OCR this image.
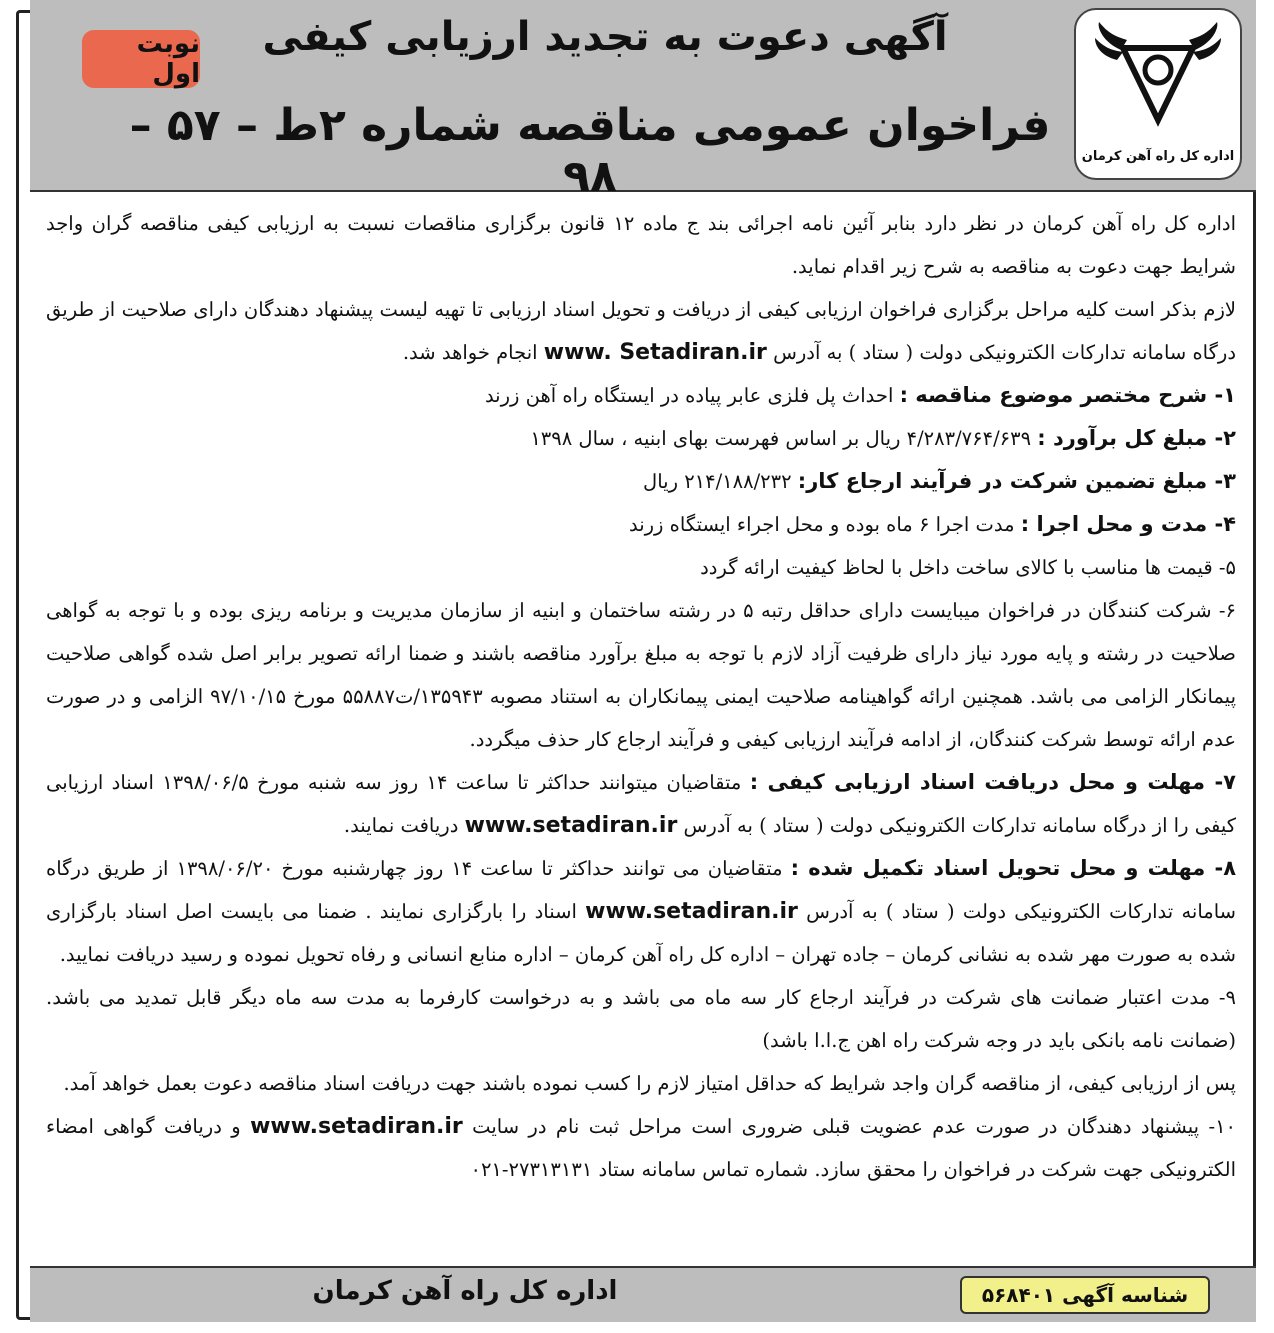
اداره کل راه آهن کرمان
آگهی دعوت به تجدید ارزیابی کیفی
فراخوان عمومی مناقصه شماره ۲ط – ۵۷ – ۹۸
نوبت اول

اداره کل راه آهن کرمان در نظر دارد بنابر آئین نامه اجرائی بند ج ماده ۱۲ قانون برگزاری مناقصات نسبت به ارزیابی کیفی مناقصه گران واجد شرایط جهت دعوت به مناقصه به شرح زیر اقدام نماید.

لازم بذکر است کلیه مراحل برگزاری فراخوان ارزیابی کیفی از دریافت و تحویل اسناد ارزیابی تا تهیه لیست پیشنهاد دهندگان دارای صلاحیت از طریق درگاه سامانه تدارکات الکترونیکی دولت ( ستاد ) به آدرس www. Setadiran.ir انجام خواهد شد.

۱- شرح مختصر موضوع مناقصه : احداث پل فلزی عابر پیاده در ایستگاه راه آهن زرند

۲- مبلغ کل برآورد : ۴/۲۸۳/۷۶۴/۶۳۹ ریال بر اساس فهرست بهای ابنیه ، سال ۱۳۹۸

۳- مبلغ تضمین شرکت در فرآیند ارجاع کار: ۲۱۴/۱۸۸/۲۳۲ ریال

۴- مدت و محل اجرا : مدت اجرا ۶ ماه بوده و محل اجراء ایستگاه زرند

۵- قیمت ها مناسب با کالای ساخت داخل با لحاظ کیفیت ارائه گردد

۶- شرکت کنندگان در فراخوان میبایست دارای حداقل رتبه ۵ در رشته ساختمان و ابنیه از سازمان مدیریت و برنامه ریزی بوده و با توجه به گواهی صلاحیت در رشته و پایه مورد نیاز دارای ظرفیت آزاد لازم با توجه به مبلغ برآورد مناقصه باشند و ضمنا ارائه تصویر برابر اصل شده گواهی صلاحیت پیمانکار الزامی می باشد. همچنین ارائه گواهینامه صلاحیت ایمنی پیمانکاران به استناد مصوبه ۱۳۵۹۴۳/ت۵۵۸۸۷ مورخ ۹۷/۱۰/۱۵ الزامی و در صورت عدم ارائه توسط شرکت کنندگان، از ادامه فرآیند ارزیابی کیفی و فرآیند ارجاع کار حذف میگردد.

۷- مهلت و محل دریافت اسناد ارزیابی کیفی : متقاضیان میتوانند حداکثر تا ساعت ۱۴ روز سه شنبه مورخ ۱۳۹۸/۰۶/۵ اسناد ارزیابی کیفی را از درگاه سامانه تدارکات الکترونیکی دولت ( ستاد ) به آدرس www.setadiran.ir دریافت نمایند.

۸- مهلت و محل تحویل اسناد تکمیل شده : متقاضیان می توانند حداکثر تا ساعت ۱۴ روز چهارشنبه مورخ ۱۳۹۸/۰۶/۲۰ از طریق درگاه سامانه تدارکات الکترونیکی دولت ( ستاد ) به آدرس www.setadiran.ir اسناد را بارگزاری نمایند . ضمنا می بایست اصل اسناد بارگزاری شده به صورت مهر شده به نشانی کرمان – جاده تهران – اداره کل راه آهن کرمان – اداره منابع انسانی و رفاه تحویل نموده و رسید دریافت نمایید.

۹- مدت اعتبار ضمانت های شرکت در فرآیند ارجاع کار سه ماه می باشد و به درخواست کارفرما به مدت سه ماه دیگر قابل تمدید می باشد. (ضمانت نامه بانکی باید در وجه شرکت راه اهن ج.ا.ا باشد)

پس از ارزیابی کیفی، از مناقصه گران واجد شرایط که حداقل امتیاز لازم را کسب نموده باشند جهت دریافت اسناد مناقصه دعوت بعمل خواهد آمد.

۱۰- پیشنهاد دهندگان در صورت عدم عضویت قبلی ضروری است مراحل ثبت نام در سایت www.setadiran.ir و دریافت گواهی امضاء الکترونیکی جهت شرکت در فراخوان را محقق سازد. شماره تماس سامانه ستاد ۲۷۳۱۳۱۳۱-۰۲۱

اداره کل راه آهن کرمان	شناسه آگهی ۵۶۸۴۰۱
